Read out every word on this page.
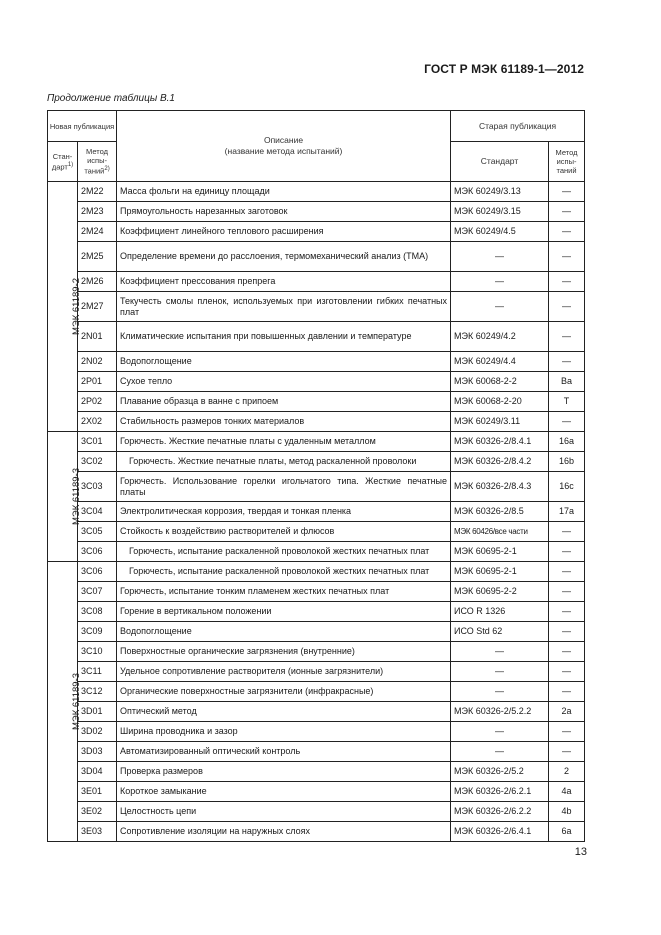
ГОСТ Р МЭК 61189-1—2012
Продолжение таблицы В.1
Новая публикация		Описание
(название метода испытаний)	Старая публикация	
Стан-дарт$^{1)}$	Метод испы-таний$^{2)}$		Стандарт	Метод испы-таний
МЭК 61189-2	2M22	Масса фольги на единицу площади	МЭК 60249/3.13	—
	2M23	Прямоугольность нарезанных заготовок	МЭК 60249/3.15	—
	2M24	Коэффициент линейного теплового расширения	МЭК 60249/4.5	—
	2M25	Определение времени до расслоения, термомеханический анализ (ТМА)	—	—
	2M26	Коэффициент прессования препрега	—	—
	2M27	Текучесть смолы пленок, используемых при изготовлении гибких печатных плат	—	—
	2N01	Климатические испытания при повышенных давлении и температуре	МЭК 60249/4.2	—
	2N02	Водопоглощение	МЭК 60249/4.4	—
	2P01	Сухое тепло	МЭК 60068-2-2	Ba
	2P02	Плавание образца в ванне с припоем	МЭК 60068-2-20	T
	2X02	Стабильность размеров тонких материалов	МЭК 60249/3.11	—
МЭК 61189-3	3C01	Горючесть. Жесткие печатные платы с удаленным металлом	МЭК 60326-2/8.4.1	16a
	3C02	Горючесть. Жесткие печатные платы, метод раскаленной проволоки	МЭК 60326-2/8.4.2	16b
	3C03	Горючесть. Использование горелки игольчатого типа. Жесткие печатные платы	МЭК 60326-2/8.4.3	16c
	3C04	Электролитическая коррозия, твердая и тонкая пленка	МЭК 60326-2/8.5	17a
	3C05	Стойкость к воздействию растворителей и флюсов	МЭК 60426/все части	—
	3C06	Горючесть, испытание раскаленной проволокой жестких печатных плат	МЭК 60695-2-1	—
МЭК 61189-3	3C06	Горючесть, испытание раскаленной проволокой жестких печатных плат	МЭК 60695-2-1	—
	3C07	Горючесть, испытание тонким пламенем жестких печатных плат	МЭК 60695-2-2	—
	3C08	Горение в вертикальном положении	ИСО R 1326	—
	3C09	Водопоглощение	ИСО Std 62	—
	3C10	Поверхностные органические загрязнения (внутренние)	—	—
	3C11	Удельное сопротивление растворителя (ионные загрязнители)	—	—
	3C12	Органические поверхностные загрязнители (инфракрасные)	—	—
	3D01	Оптический метод	МЭК 60326-2/5.2.2	2a
	3D02	Ширина проводника и зазор	—	—
	3D03	Автоматизированный оптический контроль	—	—
	3D04	Проверка размеров	МЭК 60326-2/5.2	2
	3E01	Короткое замыкание	МЭК 60326-2/6.2.1	4a
	3E02	Целостность цепи	МЭК 60326-2/6.2.2	4b
	3E03	Сопротивление изоляции на наружных слоях	МЭК 60326-2/6.4.1	6a
13
